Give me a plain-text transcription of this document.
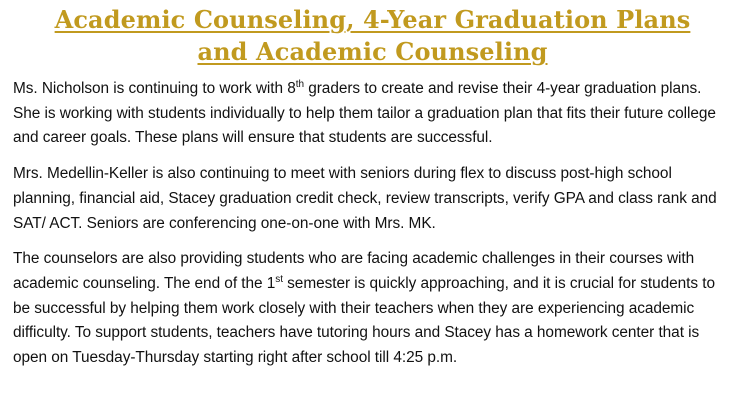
Academic Counseling, 4-Year Graduation Plans
and Academic Counseling

Ms. Nicholson is continuing to work with 8th graders to create and revise their 4-year graduation plans. She is working with students individually to help them tailor a graduation plan that fits their future college and career goals. These plans will ensure that students are successful.

Mrs. Medellin-Keller is also continuing to meet with seniors during flex to discuss post-high school planning, financial aid, Stacey graduation credit check, review transcripts, verify GPA and class rank and SAT/ ACT. Seniors are conferencing one-on-one with Mrs. MK.

The counselors are also providing students who are facing academic challenges in their courses with academic counseling. The end of the 1st semester is quickly approaching, and it is crucial for students to be successful by helping them work closely with their teachers when they are experiencing academic difficulty. To support students, teachers have tutoring hours and Stacey has a homework center that is open on Tuesday-Thursday starting right after school till 4:25 p.m.
